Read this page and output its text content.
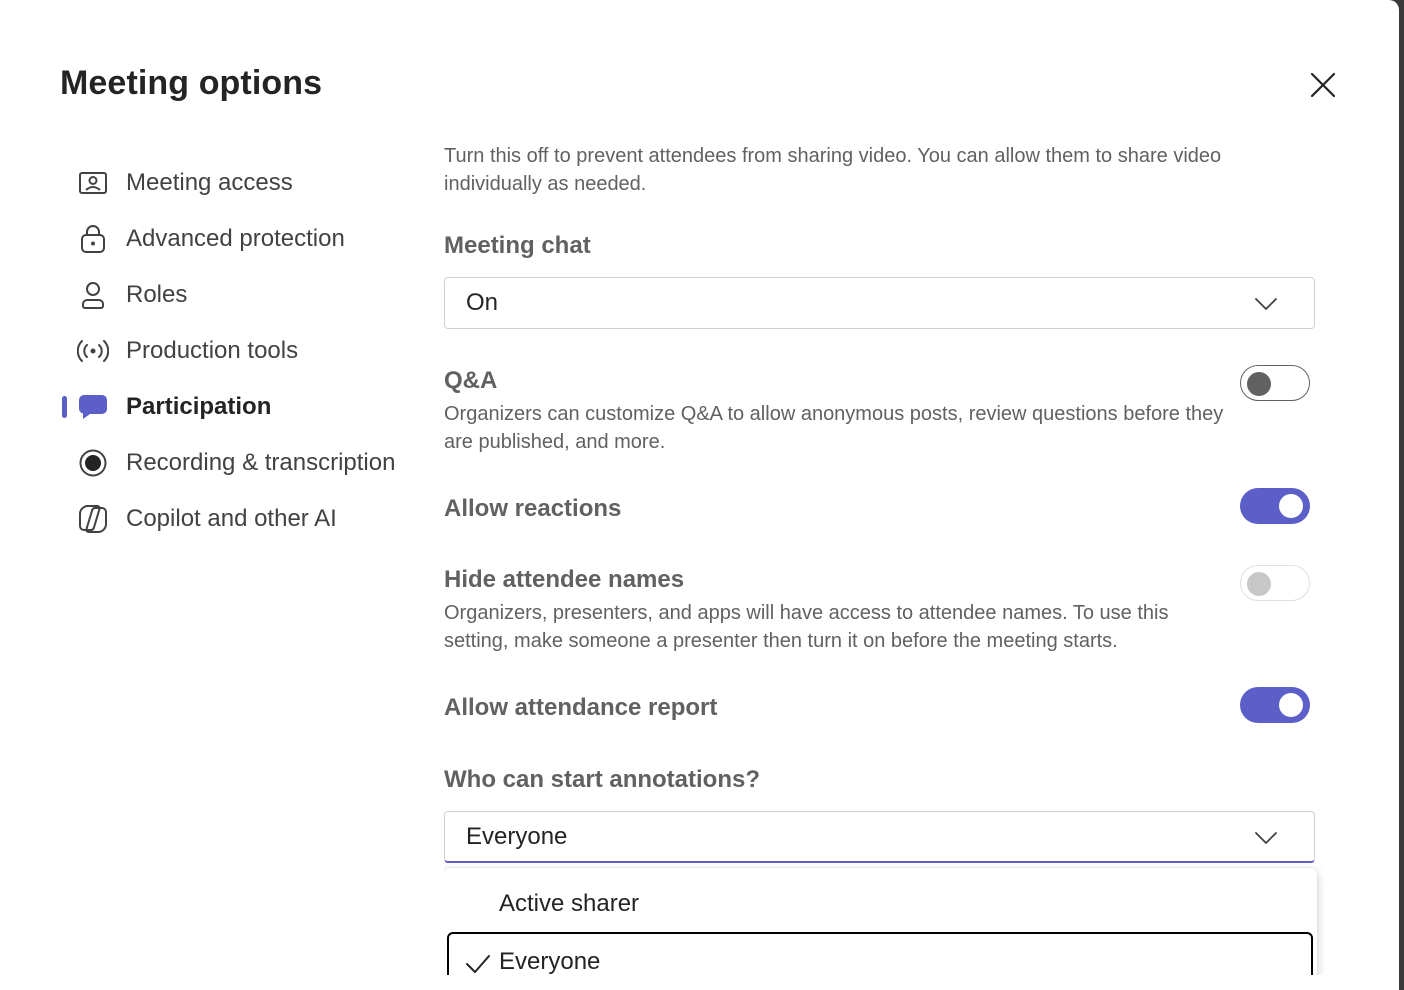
Meeting options
Meeting access
Advanced protection
Roles
Production tools
Participation
Recording & transcription
Copilot and other AI
Turn this off to prevent attendees from sharing video. You can allow them to share video individually as needed.
Meeting chat
On
Q&A
Organizers can customize Q&A to allow anonymous posts, review questions before they are published, and more.
Allow reactions
Hide attendee names
Organizers, presenters, and apps will have access to attendee names. To use this setting, make someone a presenter then turn it on before the meeting starts.
Allow attendance report
Who can start annotations?
Everyone
Active sharer
Everyone
